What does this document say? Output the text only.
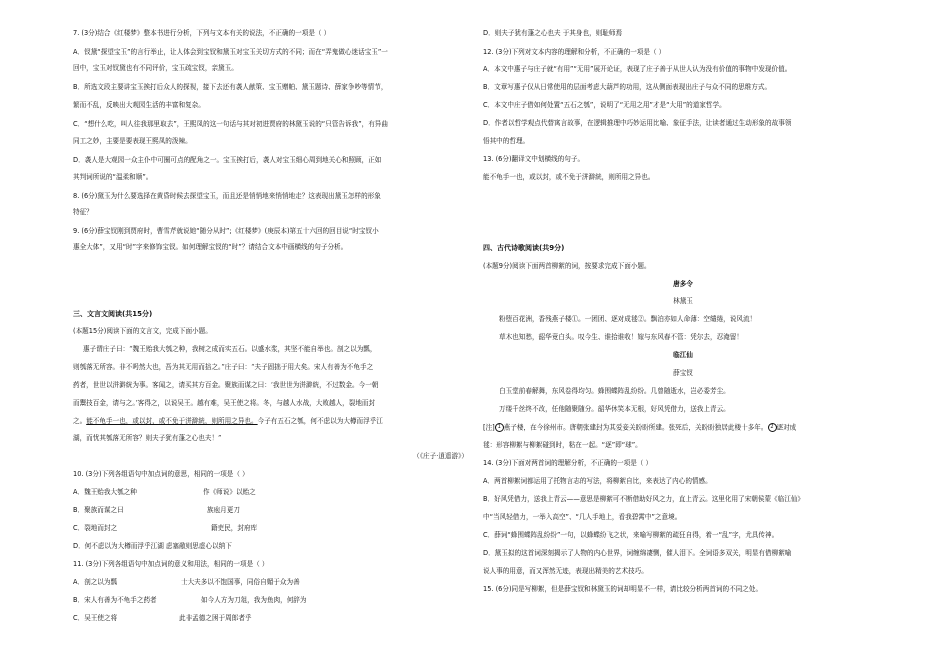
7. (3分)结合《红楼梦》整本书进行分析，下列与文本有关的说法，不正确的一项是（ ）
A．钗黛“探望宝玉”的言行举止，让人体会到宝钗和黛玉对宝玉关切方式的不同；而在“弄鬼做心迷话宝玉”一
回中，宝玉对钗黛也有不同评价，宝玉疏宝钗，亲黛玉。
B．所选文段主要讲宝玉挨打后众人的探视，接下去还有袭人献策、宝玉赠帕、黛玉题诗、薛家争吵等情节，
繁而不乱，反映出大观园生活的丰富和复杂。
C．“想什么吃，叫人往我那里取去”，王熙凤的这一句话与其对初进贾府的林黛玉说的“只管告诉我”，有异曲
同工之妙，主要是要表现王熙凤的泼辣。
D．袭人是大观园一众主仆中可圈可点的配角之一。宝玉挨打后，袭人对宝玉细心周到地关心和照顾，正如
其判词所说的“温柔和顺”。
8. (6分)黛玉为什么要选择在黄昏时候去探望宝玉，而且还是悄悄地来悄悄地走？这表现出黛玉怎样的形象
特征？
9. (6分)薛宝钗刚到贾府时，曹雪芹就说她“随分从时”;《红楼梦》(庚辰本)第五十六回的回目说“时宝钗小
惠全大体”，又用“时”字来修饰宝钗。如何理解宝钗的“时”？请结合文本中画横线的句子分析。
三、文言文阅读(共15分)
(本题15分)阅读下面的文言文，完成下面小题。
惠子谓庄子曰：“魏王贻我大瓠之种，我树之成而实五石。以盛水浆，其坚不能自举也。剖之以为瓢，
则瓠落无所容。非不呺然大也，吾为其无用而掊之。”庄子曰：“夫子固拙于用大矣。宋人有善为不龟手之
药者，世世以洴澼絖为事。客闻之，请买其方百金。聚族而谋之曰：‘我世世为洴澼絖，不过数金。今一朝
而鬻技百金，请与之。’客得之，以说吴王。越有难，吴王使之将。冬，与越人水战，大败越人，裂地而封
之。能不龟手一也，或以封，或不免于洴澼絖，则所用之异也。今子有五石之瓠，何不虑以为大樽而浮乎江
湖，而忧其瓠落无所容？则夫子犹有蓬之心也夫！”
（《庄子·逍遥游》）
10. (3分)下列各组语句中加点词的意思，相同的一项是（ ）
A．魏王贻我大瓠之种	作《师说》以贻之
B．聚族而谋之曰	族庖月更刀
C．裂地而封之	籍吏民，封府库
D．何不虑以为大樽而浮乎江湖 虑塞敝则思虚心以纳下
11. (3分)下列各组语句中加点词的意义和用法，相同的一项是（ ）
A．剖之以为瓢	士大夫多以不饱国事，同俗自媚于众为善
B．宋人有善为不龟手之药者	如今人方为刀俎，我为鱼肉，何辞为
C．吴王使之将	此非孟德之困于周郎者乎
D．则夫子犹有蓬之心也夫 于其身也，则耻师焉
12. (3分)下列对文本内容的理解和分析，不正确的一项是（ ）
A．本文中惠子与庄子就“有用”“无用”展开论证，表现了庄子善于从世人认为没有价值的事物中发现价值。
B．文章写惠子仅从日常使用的层面考虑大葫芦的功用，这从侧面表现出庄子与众不同的思维方式。
C．本文中庄子借如何处置“五石之瓠”，说明了“无用之用”才是“大用”的道家哲学。
D．作者以哲学观点代替寓言故事，在逻辑推理中巧妙运用比喻、象征手法，让读者通过生动形象的故事领
悟其中的哲理。
13. (6分)翻译文中划横线的句子。
能不龟手一也，或以封，或不免于洴澼絖，则所用之异也。
四、古代诗歌阅读(共9分)
(本题9分)阅读下面两首柳絮的词，按要求完成下面小题。
唐多令
林黛玉
粉堕百花洲，香残燕子楼①。一团团、逐对成毬②。飘泊亦如人命薄：空缱绻，说风流！
草木也知愁，韶华竟白头。叹今生、谁拾谁收！嫁与东风春不管：凭尔去，忍淹留！
临江仙
薛宝钗
白玉堂前春解舞，东风卷得均匀。蜂围蝶阵乱纷纷。几曾随逝水，岂必委芳尘。
万缕千丝终不改，任他随聚随分。韶华休笑本无根，好风凭借力，送我上青云。
[注] 1 燕子楼，在今徐州市。唐朝张建封为其爱妾关盼盼所建。张死后，关盼盼独居此楼十多年。 2 逐对成
毬：形容柳絮与柳絮碰到时，粘在一起。“逐”即“球”。
14. (3分)下面对两首词的理解分析，不正确的一项是（ ）
A．两首柳絮词都运用了托物言志的写法，将柳絮自比，来表达了内心的情感。
B．好风凭借力，送我上青云——意思是柳絮可不断借助好风之力，直上青云。这里化用了宋朝侯蒙《临江仙》
中“当风轻借力，一举入高空”、“几人手地上，看我碧霄中”之意境。
C．薛词“蜂围蝶阵乱纷纷”一句，以蜂蝶纷飞之状，来喻写柳絮的疏狂自得，着一“乱”字，尤具传神。
D．黛玉拟的这首词深刻揭示了人物的内心世界，词缠绵凄恻，催人泪下。全词语多双关，明显有借柳絮喻
说人事的用意，而又浑然无迹，表现出精美的艺术技巧。
15. (6分)同是写柳絮，但是薛宝钗和林黛玉的词却明显不一样，请比较分析两首词的不同之处。
